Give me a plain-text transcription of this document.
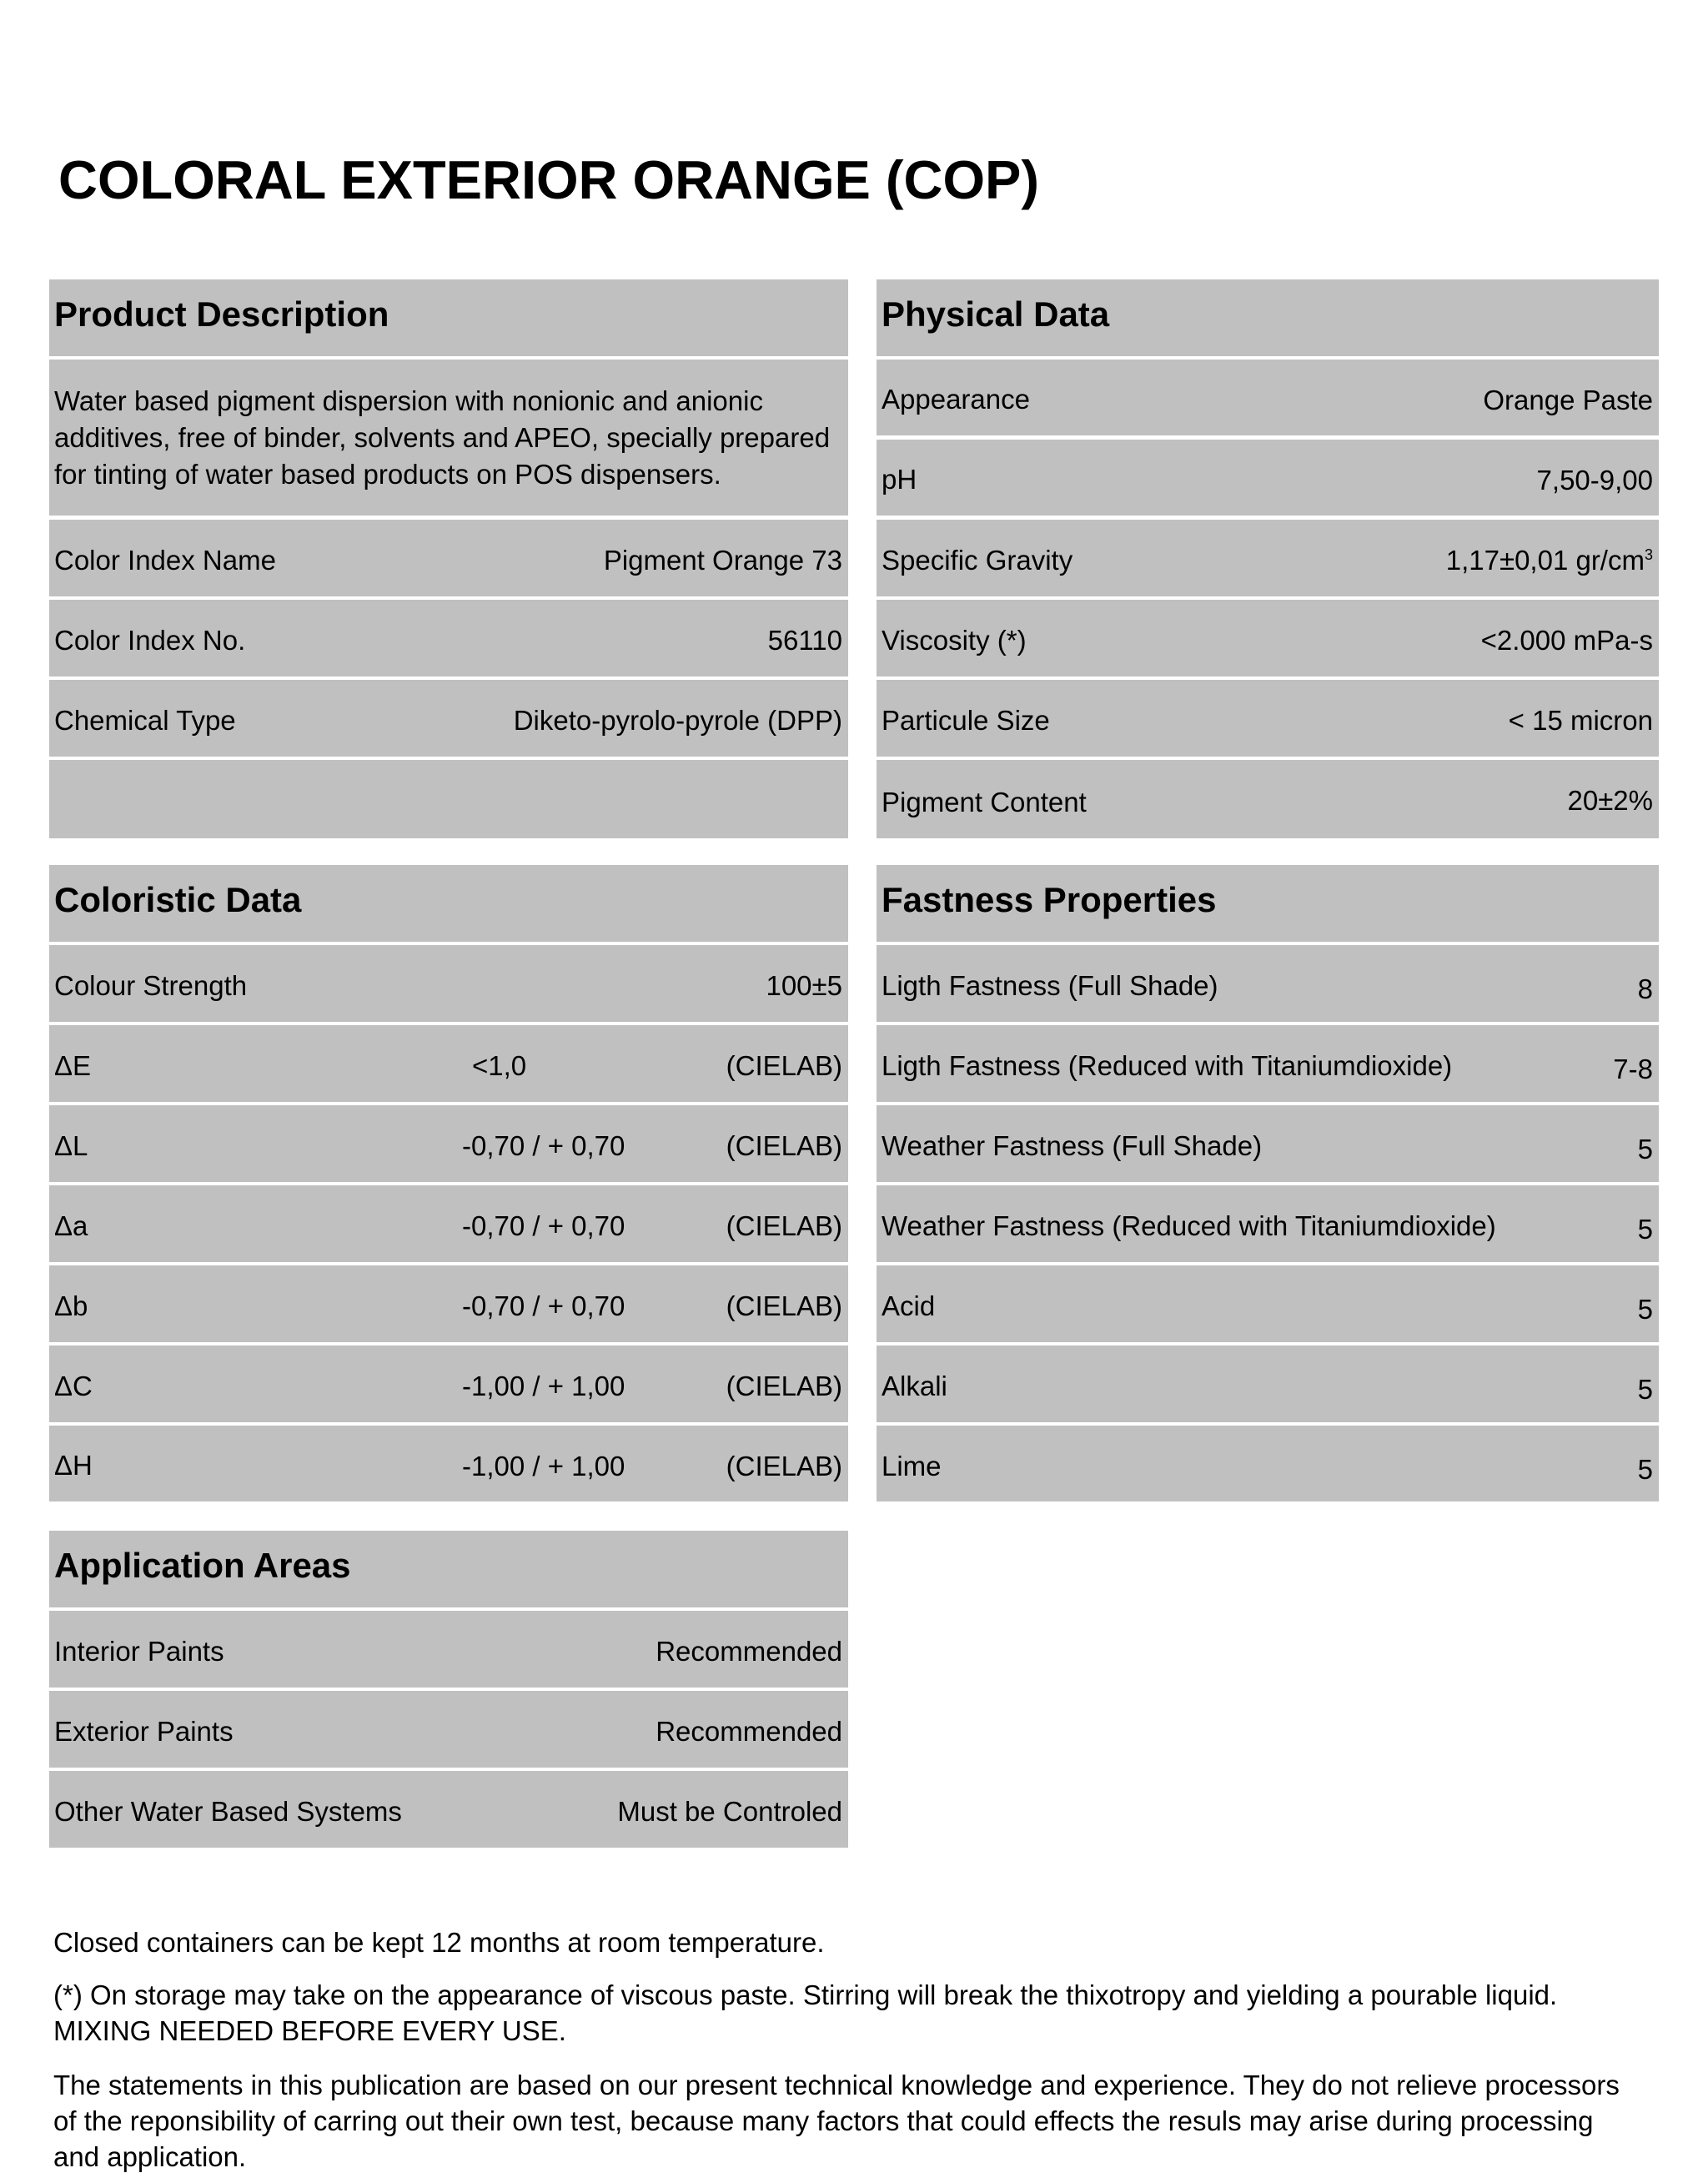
COLORAL EXTERIOR ORANGE (COP)
Product Description
Water based pigment dispersion with nonionic and anionic additives, free of binder, solvents and APEO, specially prepared for tinting of water based products on POS dispensers.
Color Index Name	Pigment Orange 73
Color Index No.	56110
Chemical Type	Diketo-pyrolo-pyrole (DPP)
Physical Data
Appearance	Orange Paste
pH	7,50-9,00
Specific Gravity	1,17±0,01 $gr/cm^3$
Viscosity (*)	<2.000 mPa-s
Particule Size	< 15 micron
Pigment Content	20±2%
Coloristic Data
Colour Strength	100±5
ΔE	<1,0	(CIELAB)
ΔL	-0,70 / + 0,70	(CIELAB)
Δa	-0,70 / + 0,70	(CIELAB)
Δb	-0,70 / + 0,70	(CIELAB)
ΔC	-1,00 / + 1,00	(CIELAB)
ΔH	-1,00 / + 1,00	(CIELAB)
Fastness Properties
Ligth Fastness (Full Shade)	8
Ligth Fastness (Reduced with Titaniumdioxide)	7-8
Weather Fastness (Full Shade)	5
Weather Fastness (Reduced with Titaniumdioxide)	5
Acid	5
Alkali	5
Lime	5
Application Areas
Interior Paints	Recommended
Exterior Paints	Recommended
Other Water Based Systems	Must be Controled
Closed containers can be kept 12 months at room temperature.
(*) On storage may take on the appearance of viscous paste. Stirring will break the thixotropy and yielding a pourable liquid. MIXING NEEDED BEFORE EVERY USE.
The statements in this publication are based on our present technical knowledge and experience. They do not relieve processors of the reponsibility of carring out their own test, because many factors that could effects the resuls may arise during processing and application.
